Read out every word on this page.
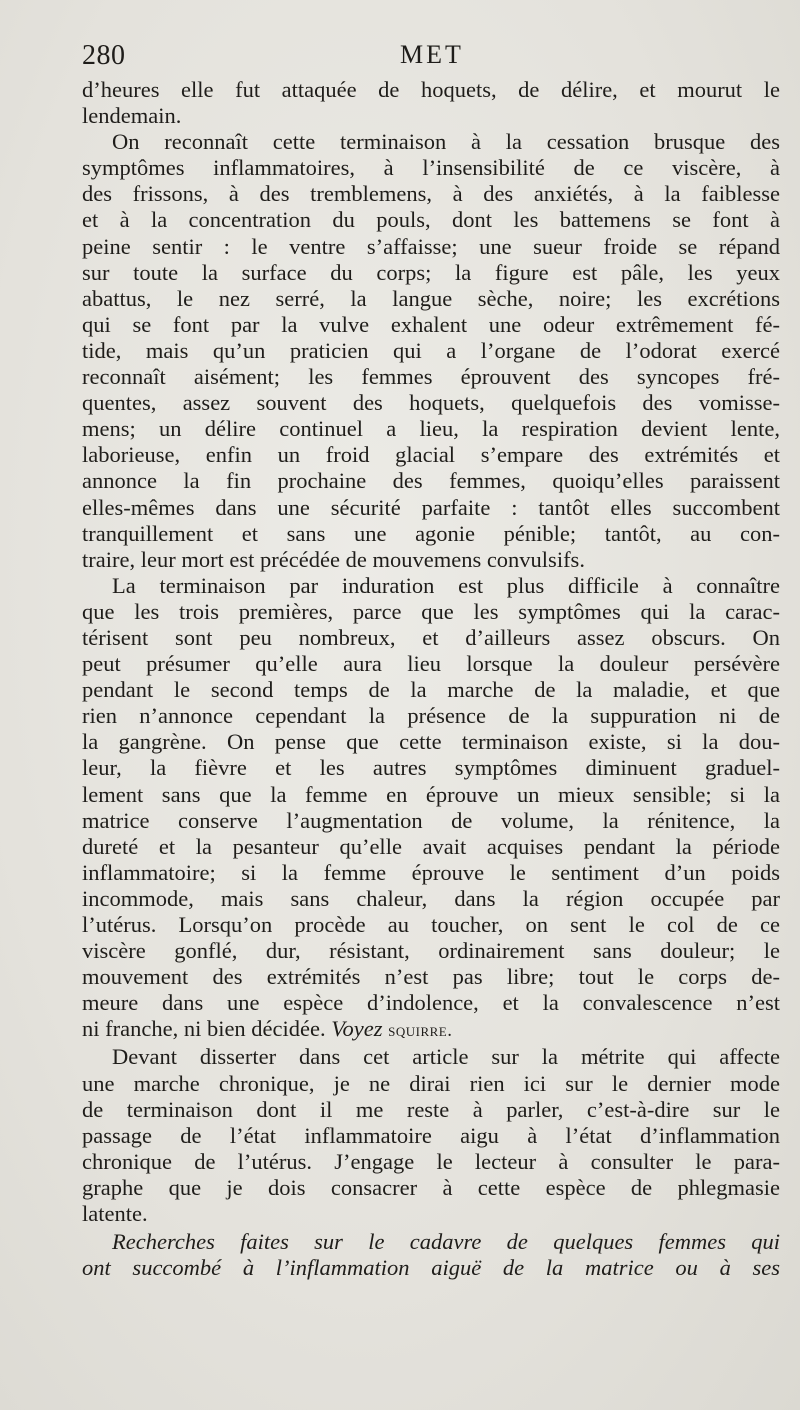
280	MET

d’heures elle fut attaquée de hoquets, de délire, et mourut le
lendemain.

On reconnaît cette terminaison à la cessation brusque des
symptômes inflammatoires, à l’insensibilité de ce viscère, à
des frissons, à des tremblemens, à des anxiétés, à la faiblesse
et à la concentration du pouls, dont les battemens se font à
peine sentir : le ventre s’affaisse; une sueur froide se répand
sur toute la surface du corps; la figure est pâle, les yeux
abattus, le nez serré, la langue sèche, noire; les excrétions
qui se font par la vulve exhalent une odeur extrêmement fé-
tide, mais qu’un praticien qui a l’organe de l’odorat exercé
reconnaît aisément; les femmes éprouvent des syncopes fré-
quentes, assez souvent des hoquets, quelquefois des vomisse-
mens; un délire continuel a lieu, la respiration devient lente,
laborieuse, enfin un froid glacial s’empare des extrémités et
annonce la fin prochaine des femmes, quoiqu’elles paraissent
elles-mêmes dans une sécurité parfaite : tantôt elles succombent
tranquillement et sans une agonie pénible; tantôt, au con-
traire, leur mort est précédée de mouvemens convulsifs.

La terminaison par induration est plus difficile à connaître
que les trois premières, parce que les symptômes qui la carac-
térisent sont peu nombreux, et d’ailleurs assez obscurs. On
peut présumer qu’elle aura lieu lorsque la douleur persévère
pendant le second temps de la marche de la maladie, et que
rien n’annonce cependant la présence de la suppuration ni de
la gangrène. On pense que cette terminaison existe, si la dou-
leur, la fièvre et les autres symptômes diminuent graduel-
lement sans que la femme en éprouve un mieux sensible; si la
matrice conserve l’augmentation de volume, la rénitence, la
dureté et la pesanteur qu’elle avait acquises pendant la période
inflammatoire; si la femme éprouve le sentiment d’un poids
incommode, mais sans chaleur, dans la région occupée par
l’utérus. Lorsqu’on procède au toucher, on sent le col de ce
viscère gonflé, dur, résistant, ordinairement sans douleur; le
mouvement des extrémités n’est pas libre; tout le corps de-
meure dans une espèce d’indolence, et la convalescence n’est
ni franche, ni bien décidée. Voyez squirre.

Devant disserter dans cet article sur la métrite qui affecte
une marche chronique, je ne dirai rien ici sur le dernier mode
de terminaison dont il me reste à parler, c’est-à-dire sur le
passage de l’état inflammatoire aigu à l’état d’inflammation
chronique de l’utérus. J’engage le lecteur à consulter le para-
graphe que je dois consacrer à cette espèce de phlegmasie
latente.

Recherches faites sur le cadavre de quelques femmes qui
ont succombé à l’inflammation aiguë de la matrice ou à ses
